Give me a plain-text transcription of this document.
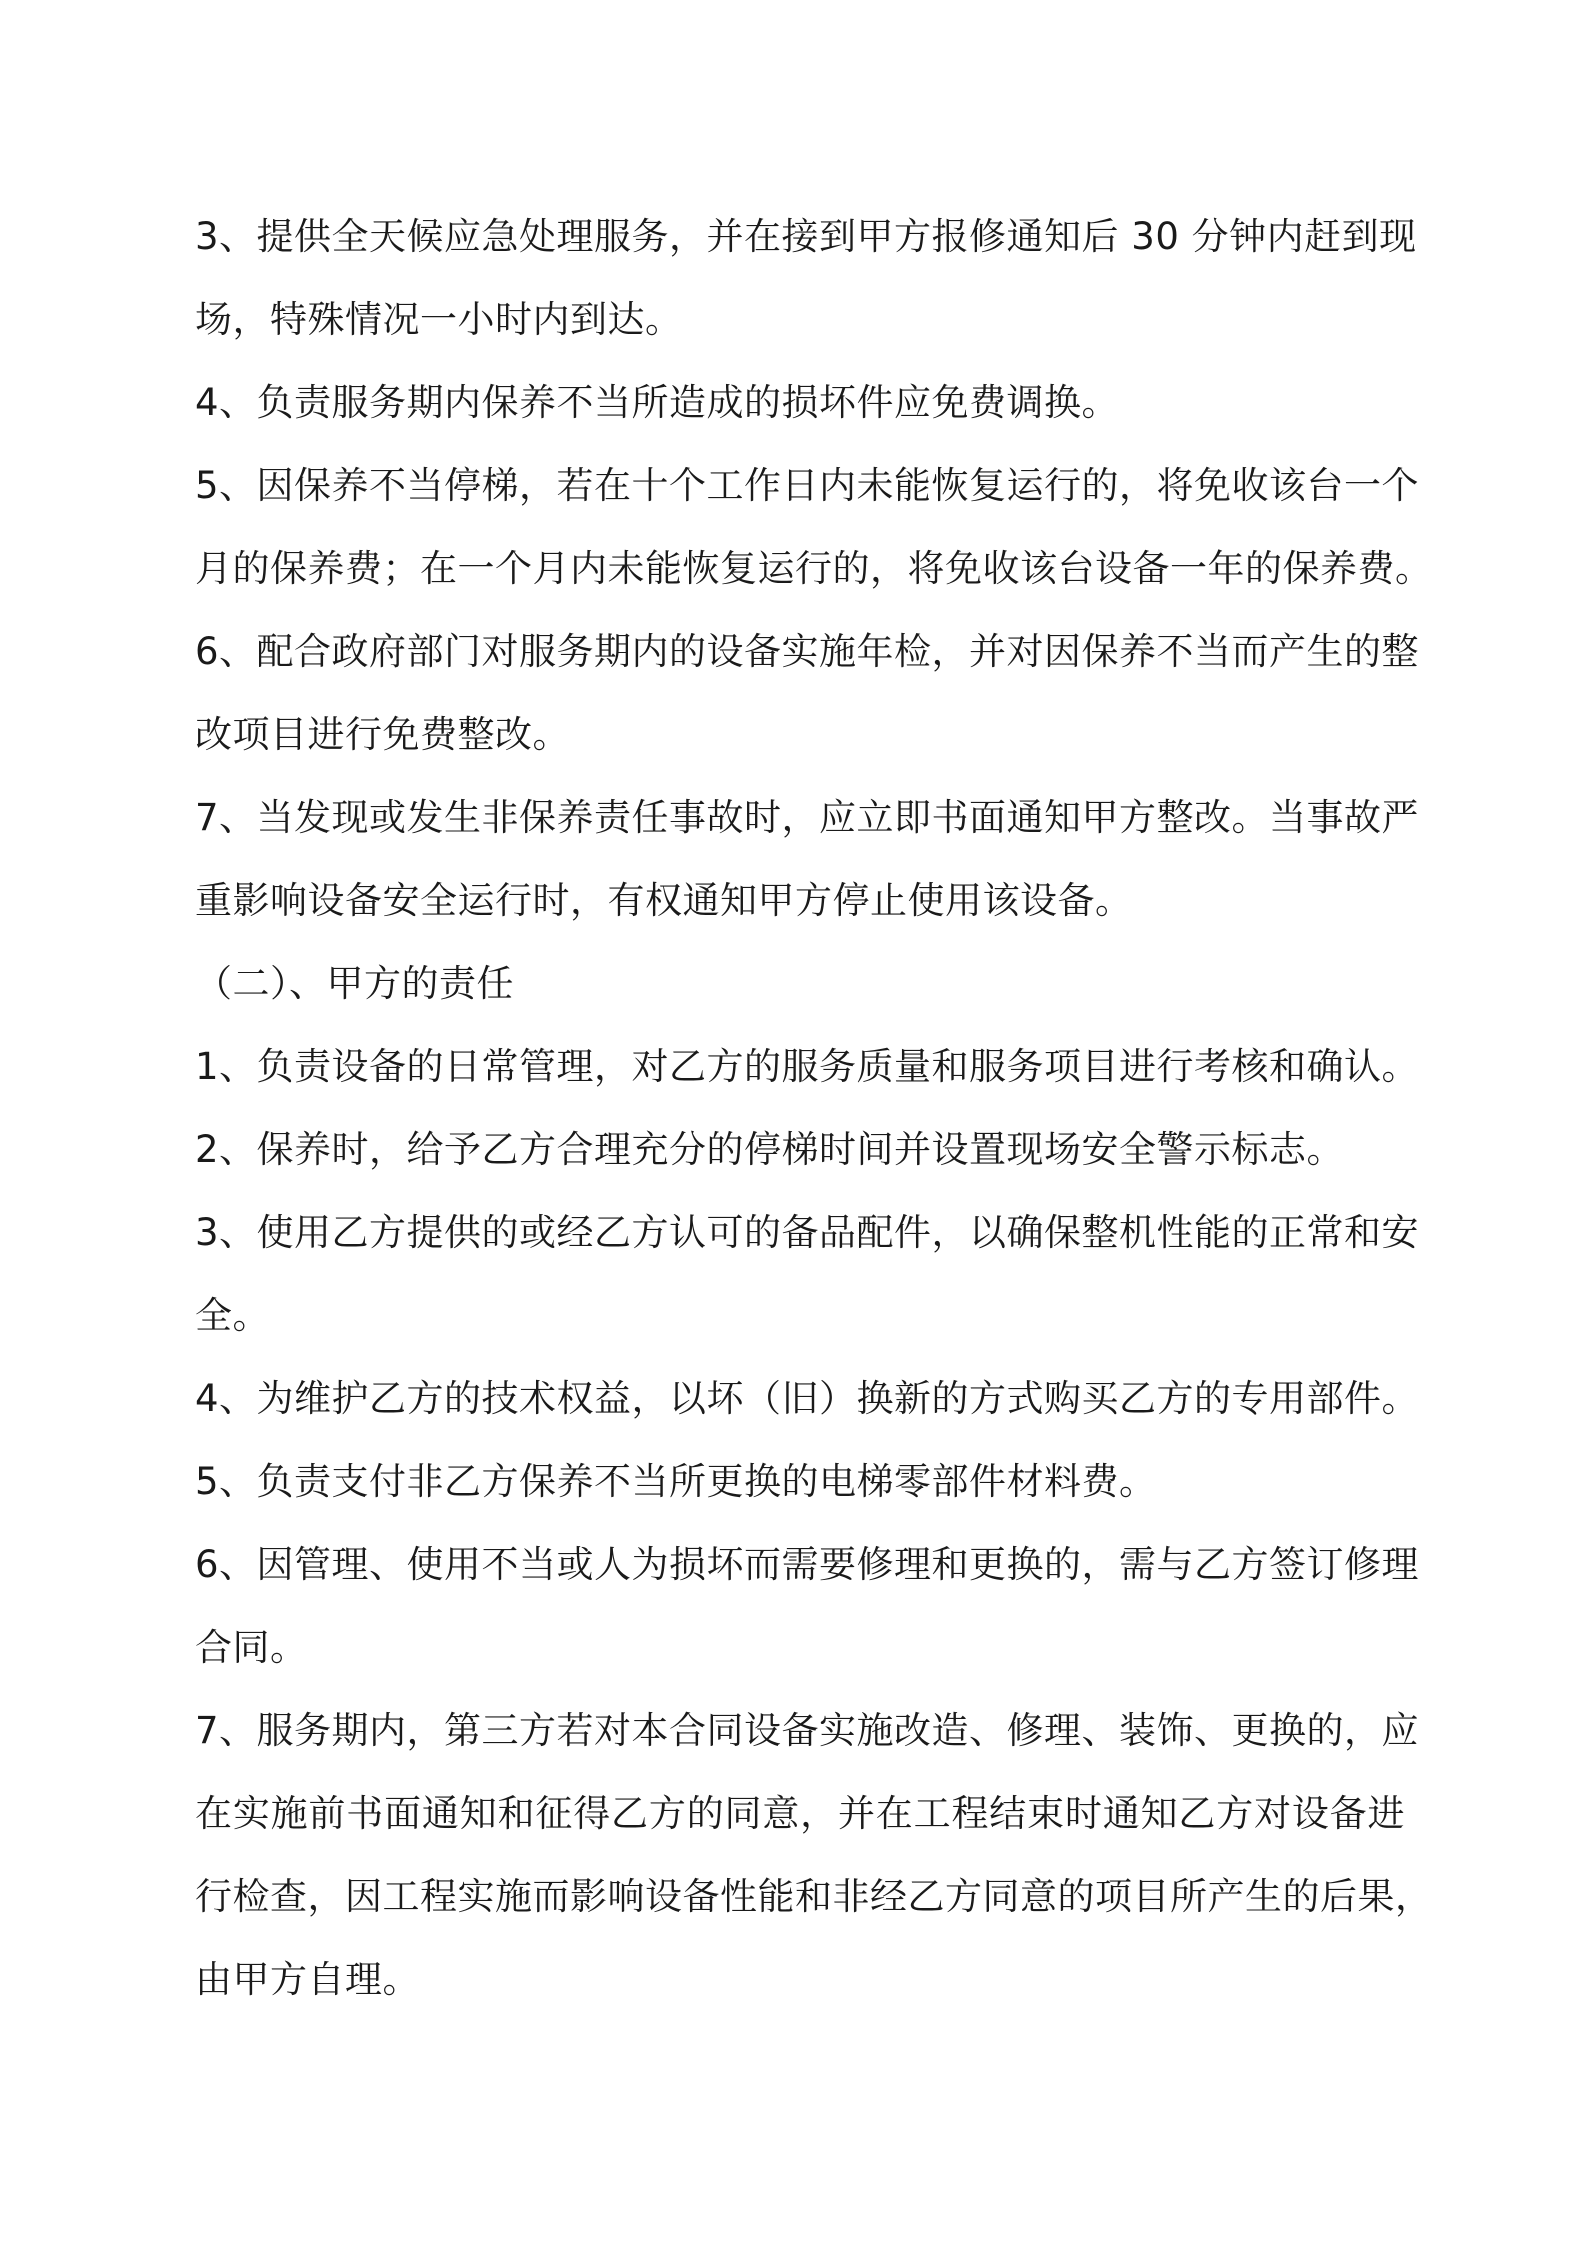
3、提供全天候应急处理服务，并在接到甲方报修通知后 30 分钟内赶到现
场，特殊情况一小时内到达。

4、负责服务期内保养不当所造成的损坏件应免费调换。

5、因保养不当停梯，若在十个工作日内未能恢复运行的，将免收该台一个
月的保养费；在一个月内未能恢复运行的，将免收该台设备一年的保养费。

6、配合政府部门对服务期内的设备实施年检，并对因保养不当而产生的整
改项目进行免费整改。

7、当发现或发生非保养责任事故时，应立即书面通知甲方整改。当事故严
重影响设备安全运行时，有权通知甲方停止使用该设备。

（二）、甲方的责任

1、负责设备的日常管理，对乙方的服务质量和服务项目进行考核和确认。

2、保养时，给予乙方合理充分的停梯时间并设置现场安全警示标志。

3、使用乙方提供的或经乙方认可的备品配件，以确保整机性能的正常和安
全。

4、为维护乙方的技术权益，以坏（旧）换新的方式购买乙方的专用部件。

5、负责支付非乙方保养不当所更换的电梯零部件材料费。

6、因管理、使用不当或人为损坏而需要修理和更换的，需与乙方签订修理
合同。

7、服务期内，第三方若对本合同设备实施改造、修理、装饰、更换的，应
在实施前书面通知和征得乙方的同意，并在工程结束时通知乙方对设备进
行检查，因工程实施而影响设备性能和非经乙方同意的项目所产生的后果，
由甲方自理。
